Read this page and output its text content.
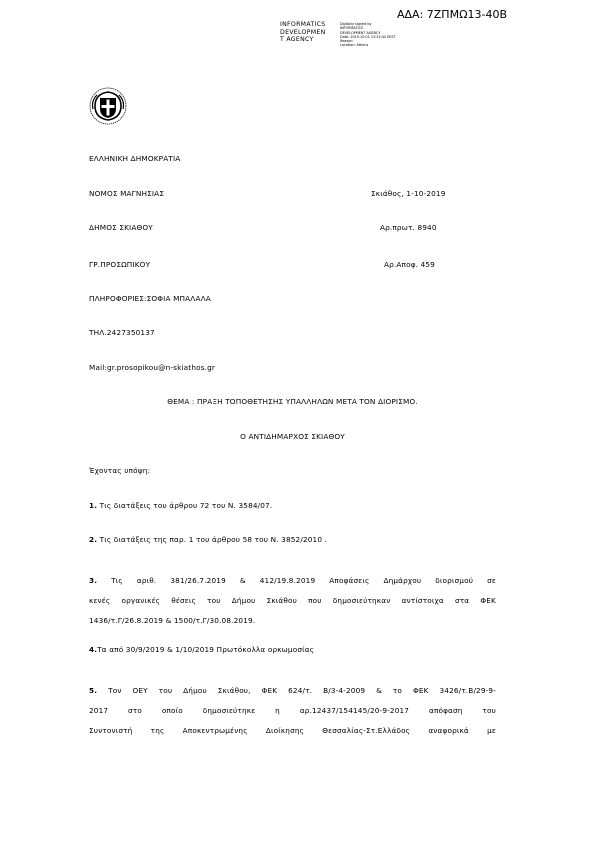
ΑΔΑ: 7ΖΠΜΩ13-40Β
INFORMATICS
DEVELOPMEN
T AGENCY
Digitally signed by
INFORMATICS
DEVELOPMENT AGENCY
Date: 2019.10.01 13:23:42 EEST
Reason:
Location: Athens
ΕΛΛΗΝΙΚΗ ΔΗΜΟΚΡΑΤΙΑ
ΝΟΜΟΣ ΜΑΓΝΗΣΙΑΣ	Σκιάθος, 1-10-2019
ΔΗΜΟΣ ΣΚΙΑΘΟΥ	Αρ.πρωτ. 8940
ΓΡ.ΠΡΟΣΩΠΙΚΟΥ	Αρ.Αποφ. 459
ΠΛΗΡΟΦΟΡΙΕΣ:ΣΟΦΙΑ ΜΠΑΛΑΛΑ
ΤΗΛ.2427350137
Mail:gr.prosopikou@n-skiathos.gr
ΘΕΜΑ : ΠΡΑΞΗ ΤΟΠΟΘΕΤΗΣΗΣ ΥΠΑΛΛΗΛΩΝ ΜΕΤΑ ΤΟΝ ΔΙΟΡΙΣΜΟ.
Ο ΑΝΤΙΔΗΜΑΡΧΟΣ ΣΚΙΑΘΟΥ
Έχοντας υπόψη:
1. Τις διατάξεις του άρθρου 72 του Ν. 3584/07.
2. Τις διατάξεις της παρ. 1 του άρθρου 58 του Ν. 3852/2010 .
3. Τις αριθ. 381/26.7.2019 & 412/19.8.2019 Αποφάσεις Δημάρχου διορισμού σε
κενές οργανικές θέσεις του Δήμου Σκιάθου που δημοσιεύτηκαν αντίστοιχα στα ΦΕΚ
1436/τ.Γ/26.8.2019 & 1500/τ.Γ/30.08.2019.
4.Τα από 30/9/2019 & 1/10/2019 Πρωτόκολλα ορκωμοσίας
5. Τον ΟΕΥ του Δήμου Σκιάθου, ΦΕΚ 624/τ. Β/3-4-2009 & το ΦΕΚ 3426/τ.Β/29-9-
2017 στο οποίο δημοσιεύτηκε η αρ.12437/154145/20-9-2017 απόφαση του
Συντονιστή της Αποκεντρωμένης Διοίκησης Θεσσαλίας-Στ.Ελλάδος αναφορικά με
